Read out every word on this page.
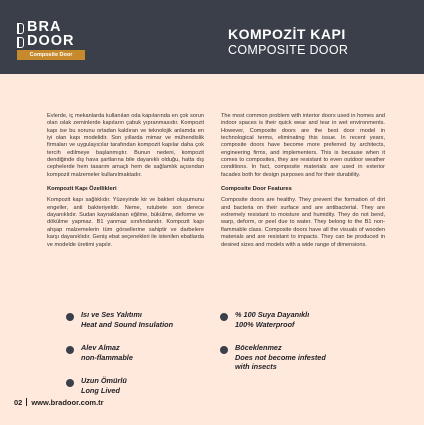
BRA
DOOR
Composite Door
KOMPOZİT KAPI
COMPOSITE DOOR

Evlerde, iç mekanlarda kullanılan oda kapılarında en çok sorun olan ıslak zeminlerde kapıların çabuk yıpranmasıdır. Kompozit kapı ise bu sorunu ortadan kaldıran ve teknolojik anlamda en iyi olan kapı modelidir. Son yıllarda mimar ve mühendislik firmaları ve uygulayıcılar tarafından kompozit kapılar daha çok tercih edilmeye başlanmıştır. Bunun nedeni, kompozit dendiğinde dış hava şartlarına bile dayanıklı olduğu, hatta dış cephelerde hem tasarım amaçlı hem de sağlamlık açısından kompozit malzemeler kullanılmaktadır.

Kompozit Kapı Özellikleri

Kompozit kapı sağlıklıdır. Yüzeyinde kir ve bakteri oluşumunu engeller, anti bakteriyeldir. Neme, rutubete son derece dayanıklıdır. Sudan kaynaklanan eğilme, bükülme, deforme ve dökülme yapmaz. B1 yanmaz sınıfındandır. Kompozit kapı ahşap malzemelerin tüm görsellerine sahiptir ve darbelere karşı dayanıklıdır. Geniş ebat seçenekleri ile istenilen ebatlarda ve modelde üretimi yapılır.

The most common problem with interior doors used in homes and indoor spaces is their quick wear and tear in wet environments. However, Composite doors are the best door model in technological terms, eliminating this issue. In recent years, composite doors have become more preferred by architects, engineering firms, and implementers. This is because when it comes to composites, they are resistant to even outdoor weather conditions. In fact, composite materials are used in exterior facades both for design purposes and for their durability.

Composite Door Features

Composite doors are healthy. They prevent the formation of dirt and bacteria on their surface and are antibacterial. They are extremely resistant to moisture and humidity. They do not bend, warp, deform, or peel due to water. They belong to the B1 non-flammable class. Composite doors have all the visuals of wooden materials and are resistant to impacts. They can be produced in desired sizes and models with a wide range of dimensions.

Isı ve Ses Yalıtımı
Heat and Sound Insulation
Alev Almaz
non-flammable
Uzun Ömürlü
Long Lived
% 100 Suya Dayanıklı
100% Waterproof
Böceklenmez
Does not become infested
with insects
02 www.bradoor.com.tr
